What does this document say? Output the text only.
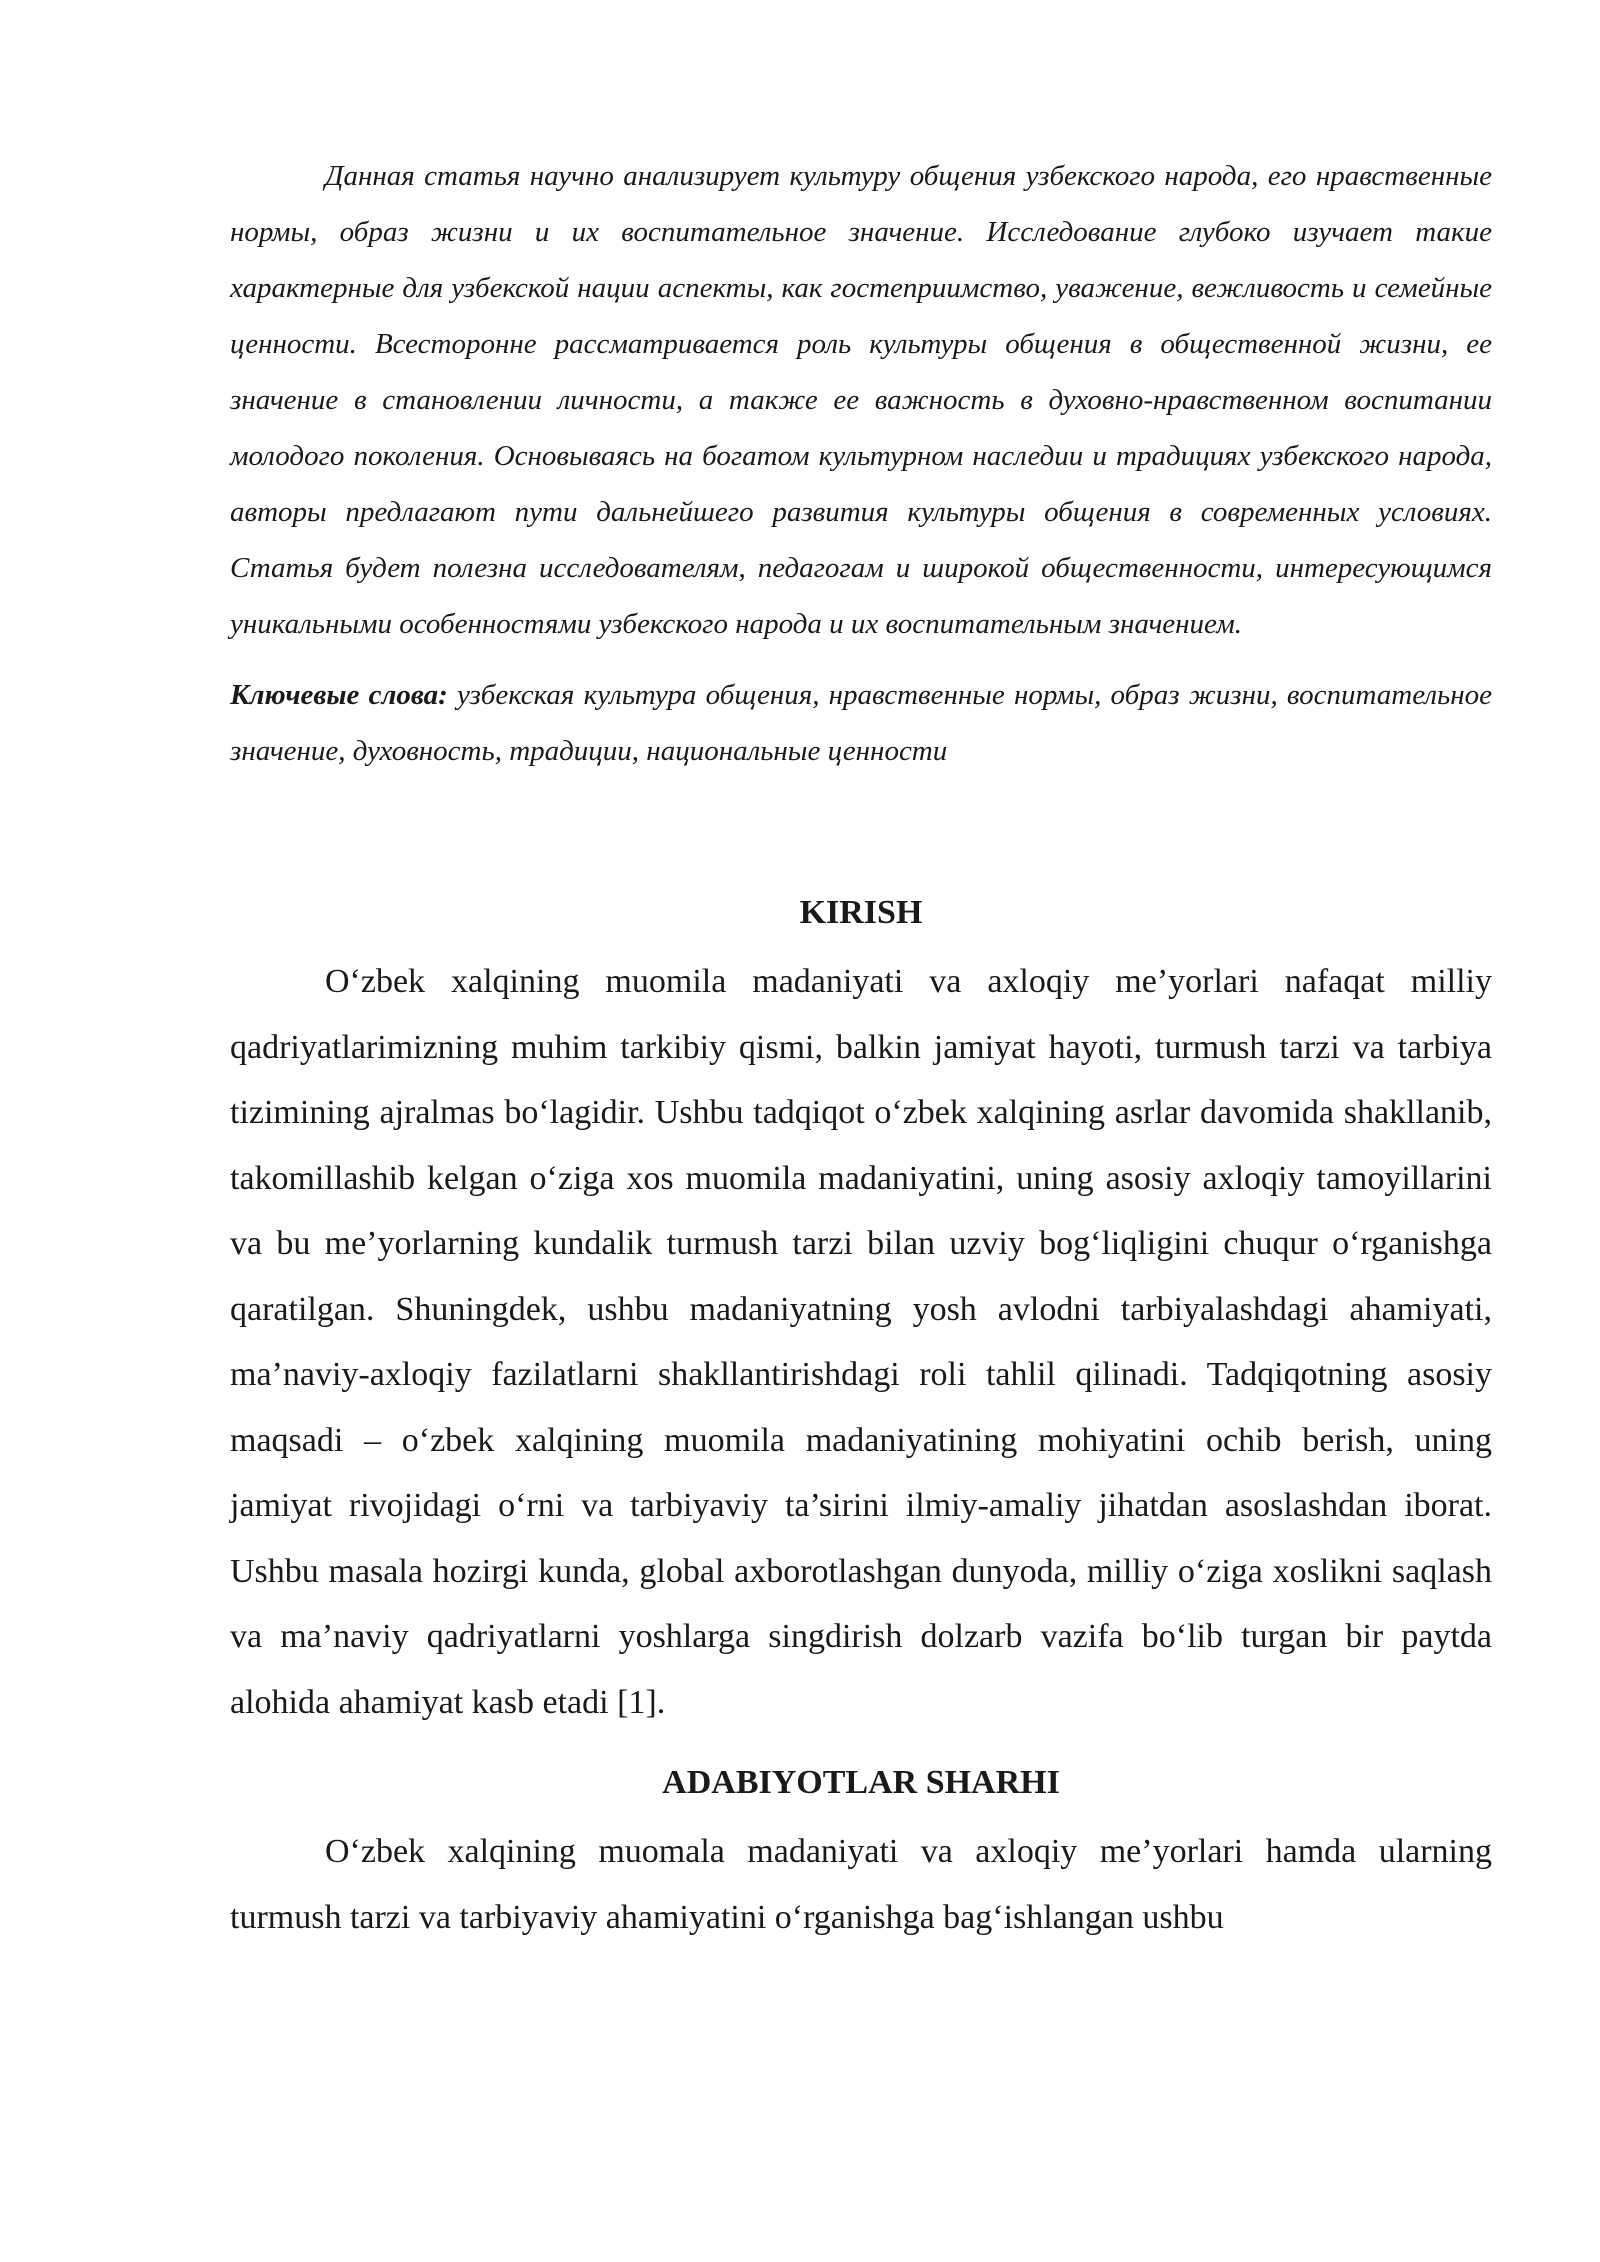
Данная статья научно анализирует культуру общения узбекского народа, его нравственные нормы, образ жизни и их воспитательное значение. Исследование глубоко изучает такие характерные для узбекской нации аспекты, как гостеприимство, уважение, вежливость и семейные ценности. Всесторонне рассматривается роль культуры общения в общественной жизни, ее значение в становлении личности, а также ее важность в духовно-нравственном воспитании молодого поколения. Основываясь на богатом культурном наследии и традициях узбекского народа, авторы предлагают пути дальнейшего развития культуры общения в современных условиях. Статья будет полезна исследователям, педагогам и широкой общественности, интересующимся уникальными особенностями узбекского народа и их воспитательным значением.

Ключевые слова: узбекская культура общения, нравственные нормы, образ жизни, воспитательное значение, духовность, традиции, национальные ценности

KIRISH

O‘zbek xalqining muomila madaniyati va axloqiy me’yorlari nafaqat milliy qadriyatlarimizning muhim tarkibiy qismi, balkin jamiyat hayoti, turmush tarzi va tarbiya tizimining ajralmas bo‘lagidir. Ushbu tadqiqot o‘zbek xalqining asrlar davomida shakllanib, takomillashib kelgan o‘ziga xos muomila madaniyatini, uning asosiy axloqiy tamoyillarini va bu me’yorlarning kundalik turmush tarzi bilan uzviy bog‘liqligini chuqur o‘rganishga qaratilgan. Shuningdek, ushbu madaniyatning yosh avlodni tarbiyalashdagi ahamiyati, ma’naviy-axloqiy fazilatlarni shakllantirishdagi roli tahlil qilinadi. Tadqiqotning asosiy maqsadi – o‘zbek xalqining muomila madaniyatining mohiyatini ochib berish, uning jamiyat rivojidagi o‘rni va tarbiyaviy ta’sirini ilmiy-amaliy jihatdan asoslashdan iborat. Ushbu masala hozirgi kunda, global axborotlashgan dunyoda, milliy o‘ziga xoslikni saqlash va ma’naviy qadriyatlarni yoshlarga singdirish dolzarb vazifa bo‘lib turgan bir paytda alohida ahamiyat kasb etadi [1].

ADABIYOTLAR SHARHI

O‘zbek xalqining muomala madaniyati va axloqiy me’yorlari hamda ularning turmush tarzi va tarbiyaviy ahamiyatini o‘rganishga bag‘ishlangan ushbu
